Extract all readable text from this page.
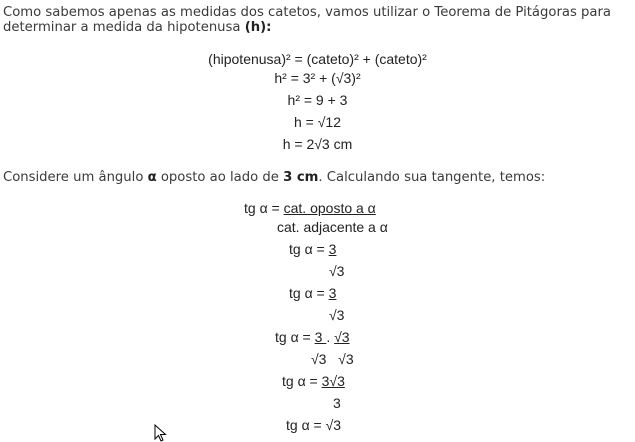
Como sabemos apenas as medidas dos catetos, vamos utilizar o Teorema de Pitágoras para
determinar a medida da hipotenusa (h):
(hipotenusa)² = (cateto)² + (cateto)²
h² = 3² + (√3)²
h² = 9 + 3
h = √12
h = 2√3 cm
Considere um ângulo α oposto ao lado de 3 cm. Calculando sua tangente, temos:
tg α = cat. oposto a α
cat. adjacente a α
tg α = 3
√3
tg α = 3
√3
tg α = 3 . √3
√3   √3
tg α = 3√3
3
tg α = √3
